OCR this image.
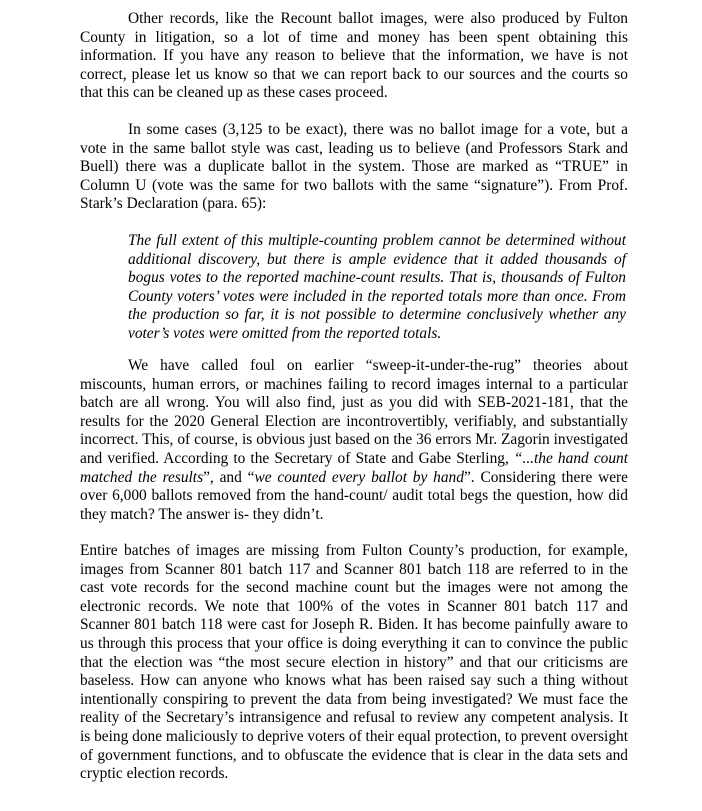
Other records, like the Recount ballot images, were also produced by Fulton County in litigation, so a lot of time and money has been spent obtaining this information. If you have any reason to believe that the information, we have is not correct, please let us know so that we can report back to our sources and the courts so that this can be cleaned up as these cases proceed.

In some cases (3,125 to be exact), there was no ballot image for a vote, but a vote in the same ballot style was cast, leading us to believe (and Professors Stark and Buell) there was a duplicate ballot in the system. Those are marked as “TRUE” in Column U (vote was the same for two ballots with the same “signature”). From Prof. Stark’s Declaration (para. 65):

The full extent of this multiple-counting problem cannot be determined without additional discovery, but there is ample evidence that it added thousands of bogus votes to the reported machine-count results. That is, thousands of Fulton County voters’ votes were included in the reported totals more than once. From the production so far, it is not possible to determine conclusively whether any voter’s votes were omitted from the reported totals.

We have called foul on earlier “sweep-it-under-the-rug” theories about miscounts, human errors, or machines failing to record images internal to a particular batch are all wrong. You will also find, just as you did with SEB-2021-181, that the results for the 2020 General Election are incontrovertibly, verifiably, and substantially incorrect. This, of course, is obvious just based on the 36 errors Mr. Zagorin investigated and verified. According to the Secretary of State and Gabe Sterling, “...the hand count matched the results”, and “we counted every ballot by hand”. Considering there were over 6,000 ballots removed from the hand-count/ audit total begs the question, how did they match? The answer is- they didn’t.

Entire batches of images are missing from Fulton County’s production, for example, images from Scanner 801 batch 117 and Scanner 801 batch 118 are referred to in the cast vote records for the second machine count but the images were not among the electronic records. We note that 100% of the votes in Scanner 801 batch 117 and Scanner 801 batch 118 were cast for Joseph R. Biden. It has become painfully aware to us through this process that your office is doing everything it can to convince the public that the election was “the most secure election in history” and that our criticisms are baseless. How can anyone who knows what has been raised say such a thing without intentionally conspiring to prevent the data from being investigated? We must face the reality of the Secretary’s intransigence and refusal to review any competent analysis. It is being done maliciously to deprive voters of their equal protection, to prevent oversight of government functions, and to obfuscate the evidence that is clear in the data sets and cryptic election records.
